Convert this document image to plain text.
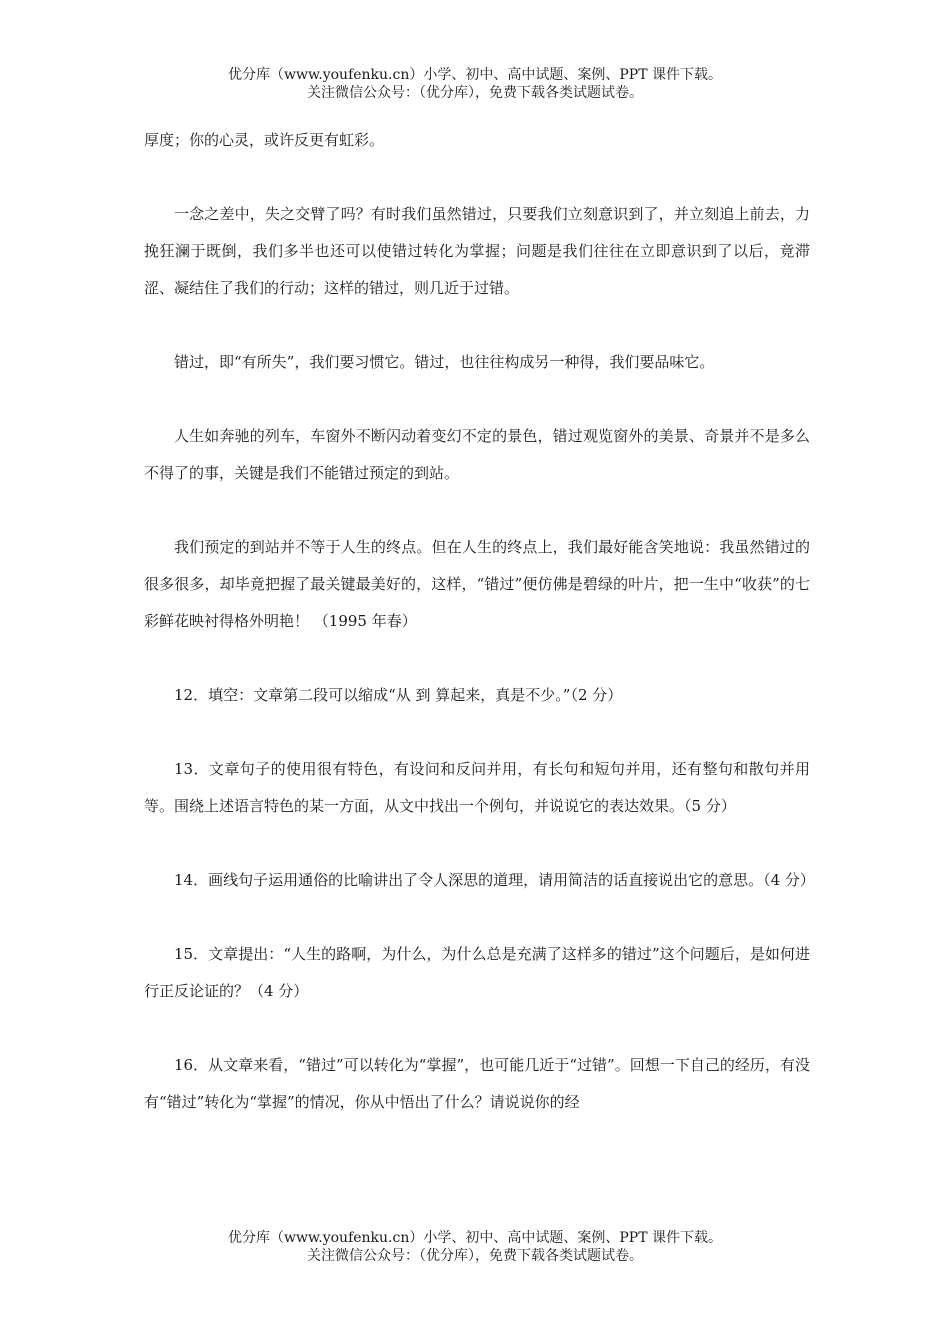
优分库（www.youfenku.cn）小学、初中、高中试题、案例、PPT 课件下载。
关注微信公众号：（优分库），免费下载各类试题试卷。

厚度；你的心灵，或许反更有虹彩。

一念之差中，失之交臂了吗？有时我们虽然错过，只要我们立刻意识到了，并立刻追上前去，力挽狂澜于既倒，我们多半也还可以使错过转化为掌握；问题是我们往往在立即意识到了以后，竟滞涩、凝结住了我们的行动；这样的错过，则几近于过错。

错过，即“有所失”，我们要习惯它。错过，也往往构成另一种得，我们要品味它。

人生如奔驰的列车，车窗外不断闪动着变幻不定的景色，错过观览窗外的美景、奇景并不是多么不得了的事，关键是我们不能错过预定的到站。

我们预定的到站并不等于人生的终点。但在人生的终点上，我们最好能含笑地说：我虽然错过的很多很多，却毕竟把握了最关键最美好的，这样，“错过”便仿佛是碧绿的叶片，把一生中“收获”的七彩鲜花映衬得格外明艳！ （1995 年春）

12．填空：文章第二段可以缩成“从 到 算起来，真是不少。”（2 分）

13．文章句子的使用很有特色，有设问和反问并用，有长句和短句并用，还有整句和散句并用等。围绕上述语言特色的某一方面，从文中找出一个例句，并说说它的表达效果。（5 分）

14．画线句子运用通俗的比喻讲出了令人深思的道理，请用简洁的话直接说出它的意思。（4 分）

15．文章提出：“人生的路啊，为什么，为什么总是充满了这样多的错过”这个问题后，是如何进行正反论证的？（4 分）

16．从文章来看，“错过”可以转化为“掌握”，也可能几近于“过错”。回想一下自己的经历，有没有“错过”转化为“掌握”的情况，你从中悟出了什么？请说说你的经

优分库（www.youfenku.cn）小学、初中、高中试题、案例、PPT 课件下载。
关注微信公众号：（优分库），免费下载各类试题试卷。
